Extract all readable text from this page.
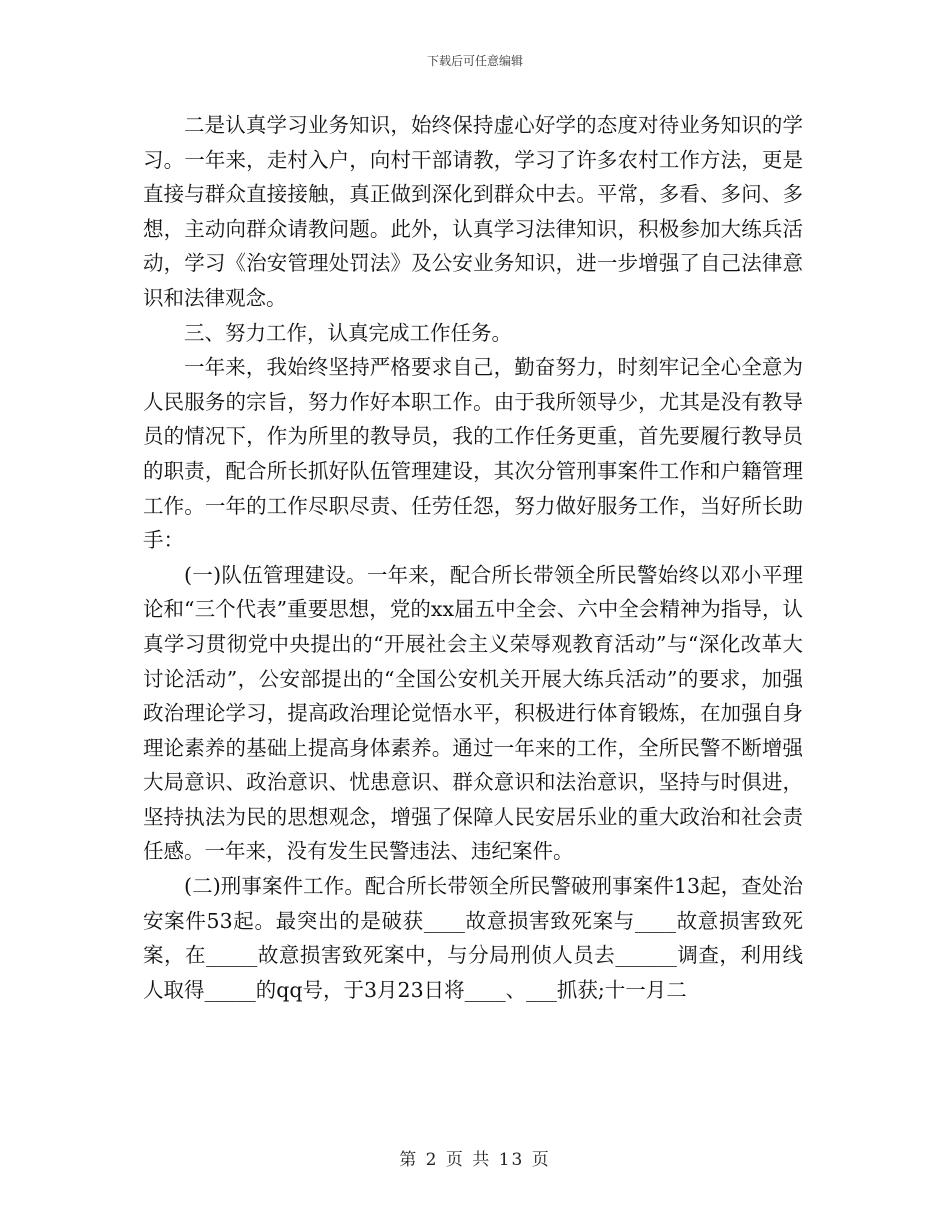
下载后可任意编辑

二是认真学习业务知识，始终保持虚心好学的态度对待业务知识的学习。一年来，走村入户，向村干部请教，学习了许多农村工作方法，更是直接与群众直接接触，真正做到深化到群众中去。平常，多看、多问、多想，主动向群众请教问题。此外，认真学习法律知识，积极参加大练兵活动，学习《治安管理处罚法》及公安业务知识，进一步增强了自己法律意识和法律观念。

三、努力工作，认真完成工作任务。

一年来，我始终坚持严格要求自己，勤奋努力，时刻牢记全心全意为人民服务的宗旨，努力作好本职工作。由于我所领导少，尤其是没有教导员的情况下，作为所里的教导员，我的工作任务更重，首先要履行教导员的职责，配合所长抓好队伍管理建设，其次分管刑事案件工作和户籍管理工作。一年的工作尽职尽责、任劳任怨，努力做好服务工作，当好所长助手：

(一)队伍管理建设。一年来，配合所长带领全所民警始终以邓小平理论和“三个代表”重要思想，党的xx届五中全会、六中全会精神为指导，认真学习贯彻党中央提出的“开展社会主义荣辱观教育活动”与“深化改革大讨论活动”，公安部提出的“全国公安机关开展大练兵活动”的要求，加强政治理论学习，提高政治理论觉悟水平，积极进行体育锻炼，在加强自身理论素养的基础上提高身体素养。通过一年来的工作，全所民警不断增强大局意识、政治意识、忧患意识、群众意识和法治意识，坚持与时俱进，坚持执法为民的思想观念，增强了保障人民安居乐业的重大政治和社会责任感。一年来，没有发生民警违法、违纪案件。

(二)刑事案件工作。配合所长带领全所民警破刑事案件13起，查处治安案件53起。最突出的是破获____故意损害致死案与____故意损害致死案，在_____故意损害致死案中，与分局刑侦人员去______调查，利用线人取得_____的qq号，于3月23日将____、___抓获;十一月二

第 2 页 共 13 页
